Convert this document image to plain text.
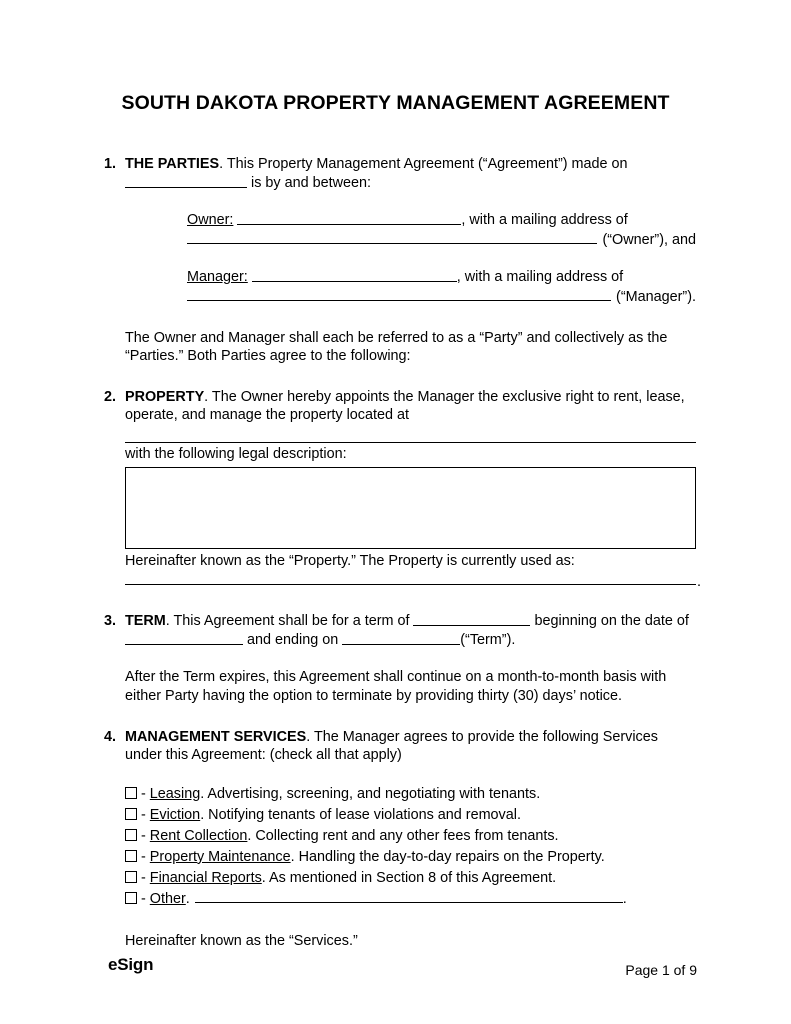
SOUTH DAKOTA PROPERTY MANAGEMENT AGREEMENT
1. THE PARTIES. This Property Management Agreement (“Agreement”) made on  is by and between:
Owner:	, with a mailing address of
(“Owner”), and
Manager:	, with a mailing address of
(“Manager”).
The Owner and Manager shall each be referred to as a “Party” and collectively as the “Parties.” Both Parties agree to the following:
2. PROPERTY. The Owner hereby appoints the Manager the exclusive right to rent, lease, operate, and manage the property located at
with the following legal description:
Hereinafter known as the “Property.” The Property is currently used as:
.
3. TERM. This Agreement shall be for a term of	beginning on the date of  and ending on	(“Term”).
After the Term expires, this Agreement shall continue on a month-to-month basis with either Party having the option to terminate by providing thirty (30) days’ notice.
4. MANAGEMENT SERVICES. The Manager agrees to provide the following Services under this Agreement: (check all that apply)
- Leasing . Advertising, screening, and negotiating with tenants.
- Eviction . Notifying tenants of lease violations and removal.
- Rent Collection . Collecting rent and any other fees from tenants.
- Property Maintenance . Handling the day-to-day repairs on the Property.
- Financial Reports . As mentioned in Section 8 of this Agreement.
- Other .	.
Hereinafter known as the “Services.”
eSign	Page 1 of 9
